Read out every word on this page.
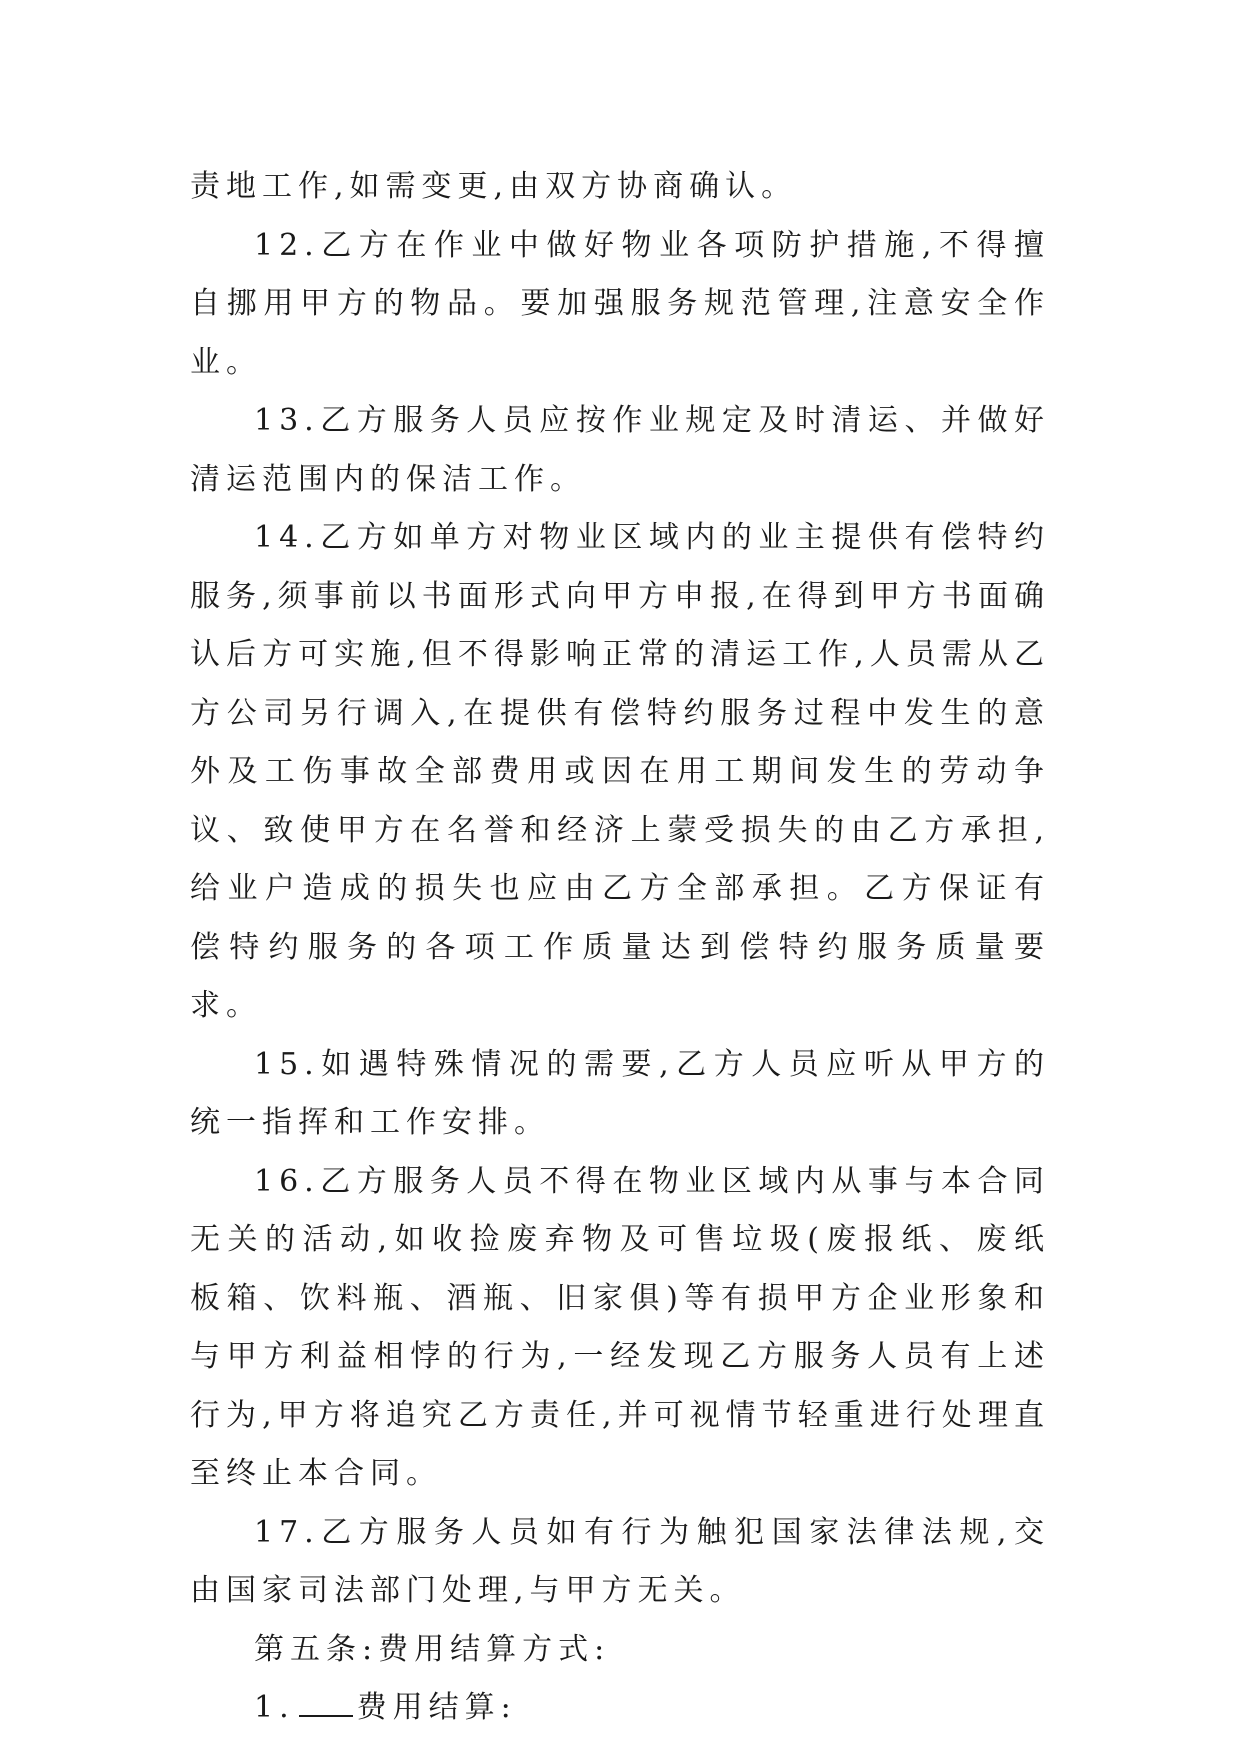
责地工作,如需变更,由双方协商确认。

12.乙方在作业中做好物业各项防护措施,不得擅自挪用甲方的物品。要加强服务规范管理,注意安全作业。

13.乙方服务人员应按作业规定及时清运、并做好清运范围内的保洁工作。

14.乙方如单方对物业区域内的业主提供有偿特约服务,须事前以书面形式向甲方申报,在得到甲方书面确认后方可实施,但不得影响正常的清运工作,人员需从乙方公司另行调入,在提供有偿特约服务过程中发生的意外及工伤事故全部费用或因在用工期间发生的劳动争议、致使甲方在名誉和经济上蒙受损失的由乙方承担,给业户造成的损失也应由乙方全部承担。乙方保证有偿特约服务的各项工作质量达到偿特约服务质量要求。

15.如遇特殊情况的需要,乙方人员应听从甲方的统一指挥和工作安排。

16.乙方服务人员不得在物业区域内从事与本合同无关的活动,如收捡废弃物及可售垃圾(废报纸、废纸板箱、饮料瓶、酒瓶、旧家俱)等有损甲方企业形象和与甲方利益相悖的行为,一经发现乙方服务人员有上述行为,甲方将追究乙方责任,并可视情节轻重进行处理直至终止本合同。

17.乙方服务人员如有行为触犯国家法律法规,交由国家司法部门处理,与甲方无关。

第五条:费用结算方式:

1. 费用结算:
